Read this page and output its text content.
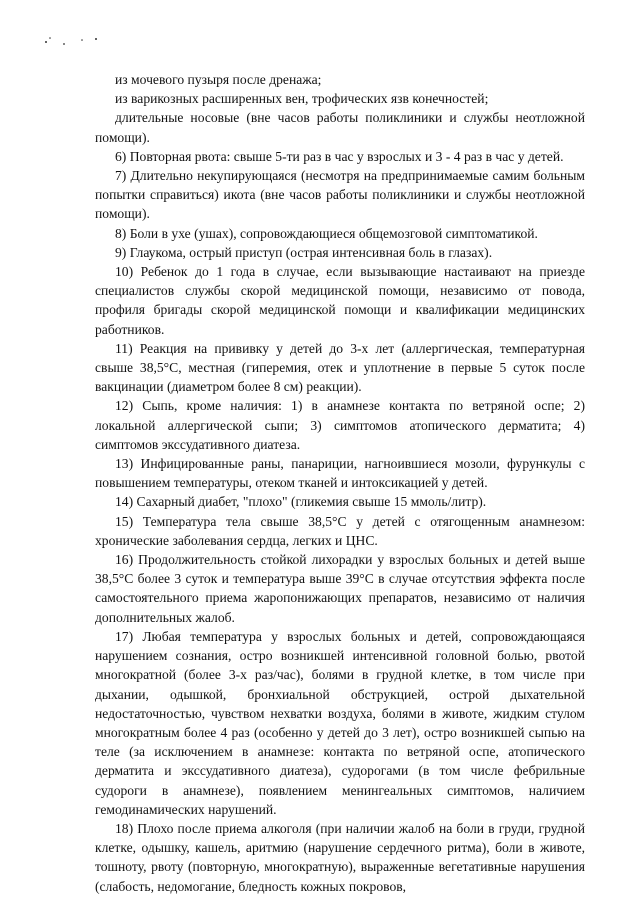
из мочевого пузыря после дренажа;

из варикозных расширенных вен, трофических язв конечностей;

длительные носовые (вне часов работы поликлиники и службы неотложной помощи).

6) Повторная рвота: свыше 5-ти раз в час у взрослых и 3 - 4 раз в час у детей.

7) Длительно некупирующаяся (несмотря на предпринимаемые самим больным попытки справиться) икота (вне часов работы поликлиники и службы неотложной помощи).

8) Боли в ухе (ушах), сопровождающиеся общемозговой симптоматикой.

9) Глаукома, острый приступ (острая интенсивная боль в глазах).

10) Ребенок до 1 года в случае, если вызывающие настаивают на приезде специалистов службы скорой медицинской помощи, независимо от повода, профиля бригады скорой медицинской помощи и квалификации медицинских работников.

11) Реакция на прививку у детей до 3-х лет (аллергическая, температурная свыше 38,5°С, местная (гиперемия, отек и уплотнение в первые 5 суток после вакцинации (диаметром более 8 см) реакции).

12) Сыпь, кроме наличия: 1) в анамнезе контакта по ветряной оспе; 2) локальной аллергической сыпи; 3) симптомов атопического дерматита; 4) симптомов экссудативного диатеза.

13) Инфицированные раны, панариции, нагноившиеся мозоли, фурункулы с повышением температуры, отеком тканей и интоксикацией у детей.

14) Сахарный диабет, "плохо" (гликемия свыше 15 ммоль/литр).

15) Температура тела свыше 38,5°С у детей с отягощенным анамнезом: хронические заболевания сердца, легких и ЦНС.

16) Продолжительность стойкой лихорадки у взрослых больных и детей выше 38,5°С более 3 суток и температура выше 39°С в случае отсутствия эффекта после самостоятельного приема жаропонижающих препаратов, независимо от наличия дополнительных жалоб.

17) Любая температура у взрослых больных и детей, сопровождающаяся нарушением сознания, остро возникшей интенсивной головной болью, рвотой многократной (более 3-х раз/час), болями в грудной клетке, в том числе при дыхании, одышкой, бронхиальной обструкцией, острой дыхательной недостаточностью, чувством нехватки воздуха, болями в животе, жидким стулом многократным более 4 раз (особенно у детей до 3 лет), остро возникшей сыпью на теле (за исключением в анамнезе: контакта по ветряной оспе, атопического дерматита и экссудативного диатеза), судорогами (в том числе фебрильные судороги в анамнезе), появлением менингеальных симптомов, наличием гемодинамических нарушений.

18) Плохо после приема алкоголя (при наличии жалоб на боли в груди, грудной клетке, одышку, кашель, аритмию (нарушение сердечного ритма), боли в животе, тошноту, рвоту (повторную, многократную), выраженные вегетативные нарушения (слабость, недомогание, бледность кожных покровов,
